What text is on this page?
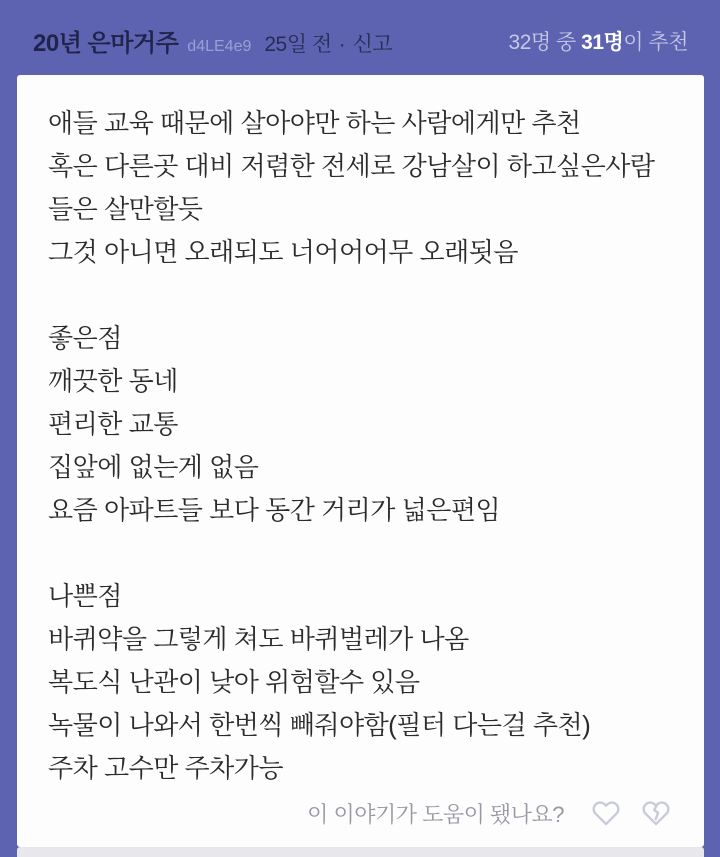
20년 은마거주 d4LE4e9 25일 전 · 신고	32명 중 31명이 추천
애들 교육 때문에 살아야만 하는 사람에게만 추천
혹은 다른곳 대비 저렴한 전세로 강남살이 하고싶은사람
들은 살만할듯
그것 아니면 오래되도 너어어어무 오래됫음
좋은점
깨끗한 동네
편리한 교통
집앞에 없는게 없음
요즘 아파트들 보다 동간 거리가 넓은편임
나쁜점
바퀴약을 그렇게 쳐도 바퀴벌레가 나옴
복도식 난관이 낮아 위험할수 있음
녹물이 나와서 한번씩 빼줘야함(필터 다는걸 추천)
주차 고수만 주차가능
이 이야기가 도움이 됐나요?
